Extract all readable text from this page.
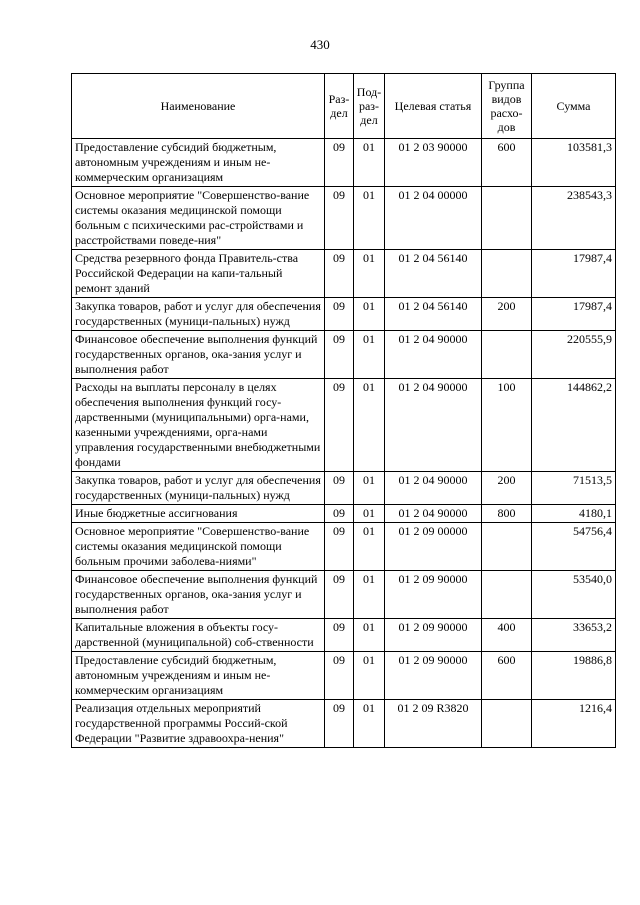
430
Наименование	Раз-дел	Под-раз-дел	Целевая статья	Группа видов расхо-дов	Сумма
Предоставление субсидий бюджетным, автономным учреждениям и иным не-коммерческим организациям	09	01	01 2 03 90000	600	103581,3
Основное мероприятие "Совершенство-вание системы оказания медицинской помощи больным с психическими рас-стройствами и расстройствами поведе-ния"	09	01	01 2 04 00000		238543,3
Средства резервного фонда Правитель-ства Российской Федерации на капи-тальный ремонт зданий	09	01	01 2 04 56140		17987,4
Закупка товаров, работ и услуг для обеспечения государственных (муници-пальных) нужд	09	01	01 2 04 56140	200	17987,4
Финансовое обеспечение выполнения функций государственных органов, ока-зания услуг и выполнения работ	09	01	01 2 04 90000		220555,9
Расходы на выплаты персоналу в целях обеспечения выполнения функций госу-дарственными (муниципальными) орга-нами, казенными учреждениями, орга-нами управления государственными внебюджетными фондами	09	01	01 2 04 90000	100	144862,2
Закупка товаров, работ и услуг для обеспечения государственных (муници-пальных) нужд	09	01	01 2 04 90000	200	71513,5
Иные бюджетные ассигнования	09	01	01 2 04 90000	800	4180,1
Основное мероприятие "Совершенство-вание системы оказания медицинской помощи больным прочими заболева-ниями"	09	01	01 2 09 00000		54756,4
Финансовое обеспечение выполнения функций государственных органов, ока-зания услуг и выполнения работ	09	01	01 2 09 90000		53540,0
Капитальные вложения в объекты госу-дарственной (муниципальной) соб-ственности	09	01	01 2 09 90000	400	33653,2
Предоставление субсидий бюджетным, автономным учреждениям и иным не-коммерческим организациям	09	01	01 2 09 90000	600	19886,8
Реализация отдельных мероприятий государственной программы Россий-ской Федерации "Развитие здравоохра-нения"	09	01	01 2 09 R3820		1216,4
